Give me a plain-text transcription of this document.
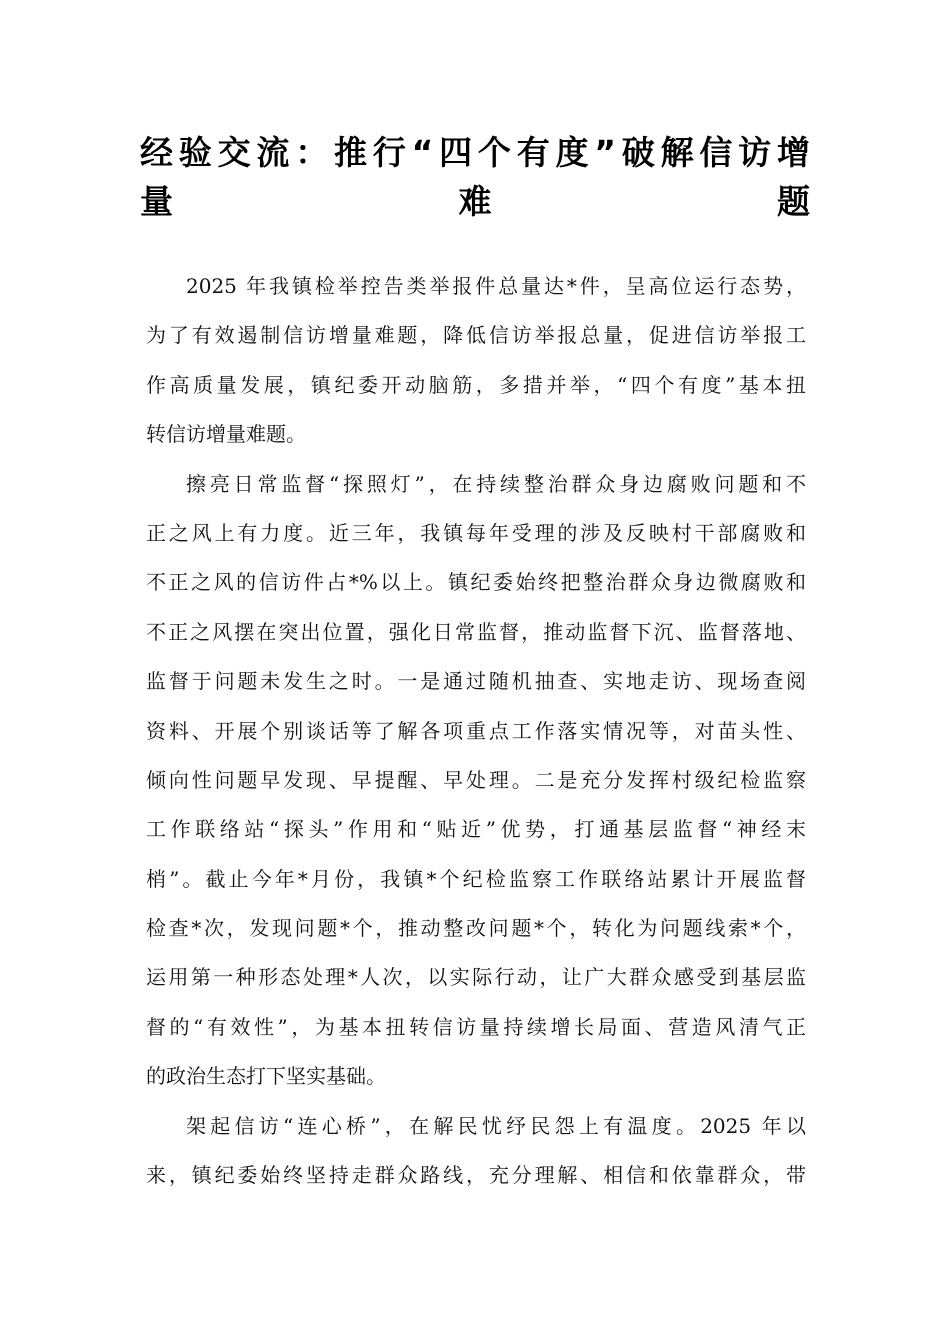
经验交流：推行“四个有度”破解信访增
量难题
2025 年我镇检举控告类举报件总量达*件，呈高位运行态势，
为了有效遏制信访增量难题，降低信访举报总量，促进信访举报工
作高质量发展，镇纪委开动脑筋，多措并举，“四个有度”基本扭
转信访增量难题。
擦亮日常监督“探照灯”，在持续整治群众身边腐败问题和不
正之风上有力度。近三年，我镇每年受理的涉及反映村干部腐败和
不正之风的信访件占*%以上。镇纪委始终把整治群众身边微腐败和
不正之风摆在突出位置，强化日常监督，推动监督下沉、监督落地、
监督于问题未发生之时。一是通过随机抽查、实地走访、现场查阅
资料、开展个别谈话等了解各项重点工作落实情况等，对苗头性、
倾向性问题早发现、早提醒、早处理。二是充分发挥村级纪检监察
工作联络站“探头”作用和“贴近”优势，打通基层监督“神经末
梢”。截止今年*月份，我镇*个纪检监察工作联络站累计开展监督
检查*次，发现问题*个，推动整改问题*个，转化为问题线索*个，
运用第一种形态处理*人次，以实际行动，让广大群众感受到基层监
督的“有效性”，为基本扭转信访量持续增长局面、营造风清气正
的政治生态打下坚实基础。
架起信访“连心桥”，在解民忧纾民怨上有温度。2025 年以
来，镇纪委始终坚持走群众路线，充分理解、相信和依靠群众，带
